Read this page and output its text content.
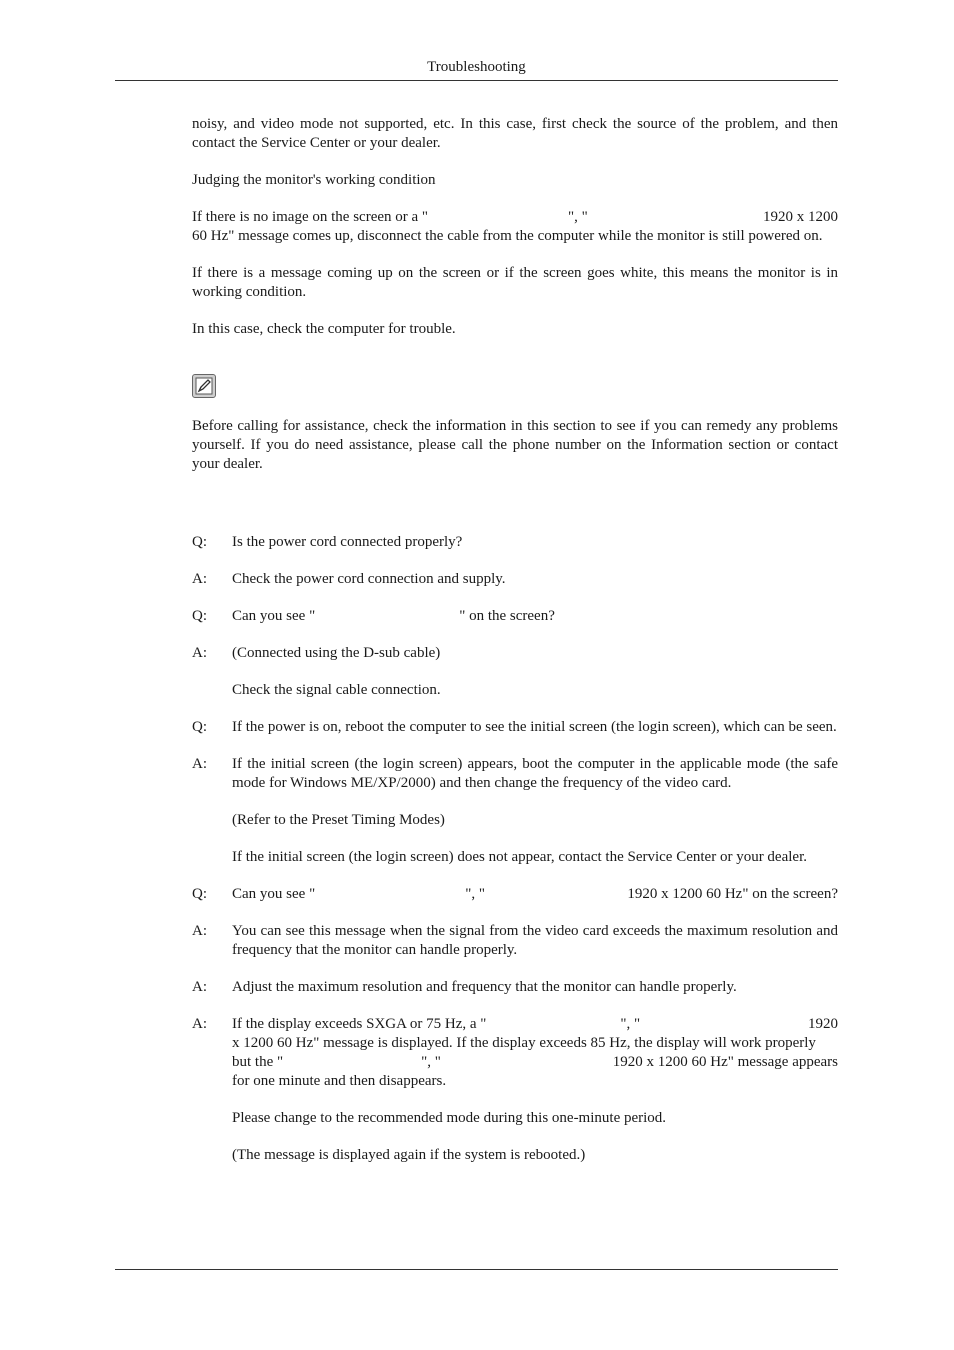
Troubleshooting

noisy, and video mode not supported, etc. In this case, first check the source of the problem, and then contact the Service Center or your dealer.

Judging the monitor's working condition

If there is no image on the screen or a "	", "	1920 x 1200
60 Hz" message comes up, disconnect the cable from the computer while the monitor is still powered on.

If there is a message coming up on the screen or if the screen goes white, this means the monitor is in working condition.

In this case, check the computer for trouble.

Before calling for assistance, check the information in this section to see if you can remedy any problems yourself. If you do need assistance, please call the phone number on the Information section or contact your dealer.

Q:	Is the power cord connected properly?
A:	Check the power cord connection and supply.
Q:	Can you see "	" on the screen?
A:	(Connected using the D-sub cable)

Check the signal cable connection.

Q:	If the power is on, reboot the computer to see the initial screen (the login screen), which can be seen.
A:	If the initial screen (the login screen) appears, boot the computer in the applicable mode (the safe mode for Windows ME/XP/2000) and then change the frequency of the video card.

(Refer to the Preset Timing Modes)

If the initial screen (the login screen) does not appear, contact the Service Center or your dealer.

Q:	Can you see "	", "	1920 x 1200 60 Hz" on the screen?
A:	You can see this message when the signal from the video card exceeds the maximum resolution and frequency that the monitor can handle properly.
A:	Adjust the maximum resolution and frequency that the monitor can handle properly.
A:	If the display exceeds SXGA or 75 Hz, a "	", "	1920
x 1200 60 Hz" message is displayed. If the display exceeds 85 Hz, the display will work properly
but the "	", "	1920 x 1200 60 Hz" message appears
for one minute and then disappears.

Please change to the recommended mode during this one-minute period.

(The message is displayed again if the system is rebooted.)
